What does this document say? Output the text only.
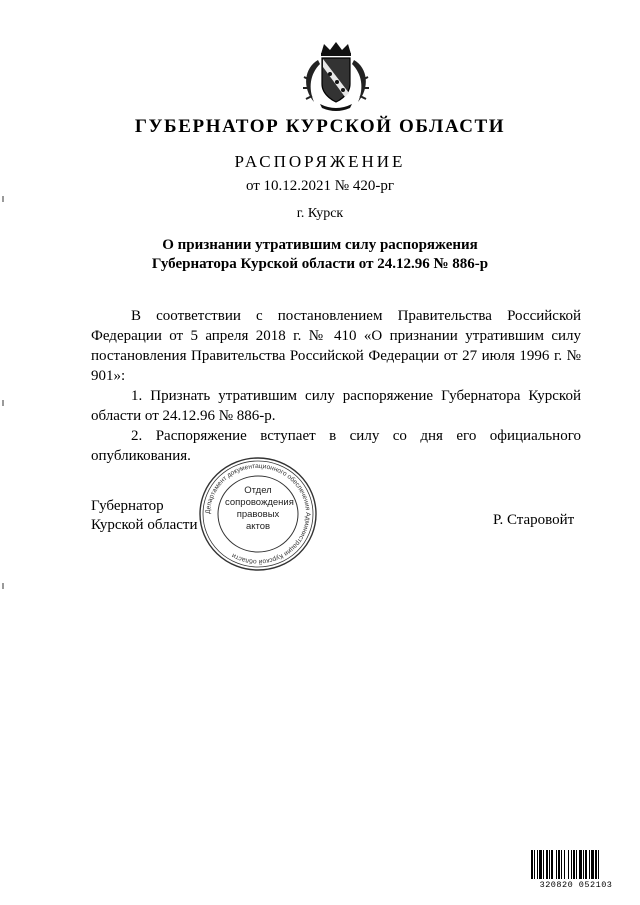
ГУБЕРНАТОР КУРСКОЙ ОБЛАСТИ
РАСПОРЯЖЕНИЕ
от 10.12.2021 № 420-рг
г. Курск
О признании утратившим силу распоряжения
Губернатора Курской области от 24.12.96 № 886-р

В соответствии с постановлением Правительства Российской Федерации от 5 апреля 2018 г. № 410 «О признании утратившим силу постановления Правительства Российской Федерации от 27 июля 1996 г. № 901»:

1. Признать утратившим силу распоряжение Губернатора Курской области от 24.12.96 № 886-р.

2. Распоряжение вступает в силу со дня его официального опубликования.

Губернатор
Курской области	Р. Старовойт
Департамент документационного обеспечения Администрации Курской области
Отдел
сопровождения
правовых
актов
320820 052103
